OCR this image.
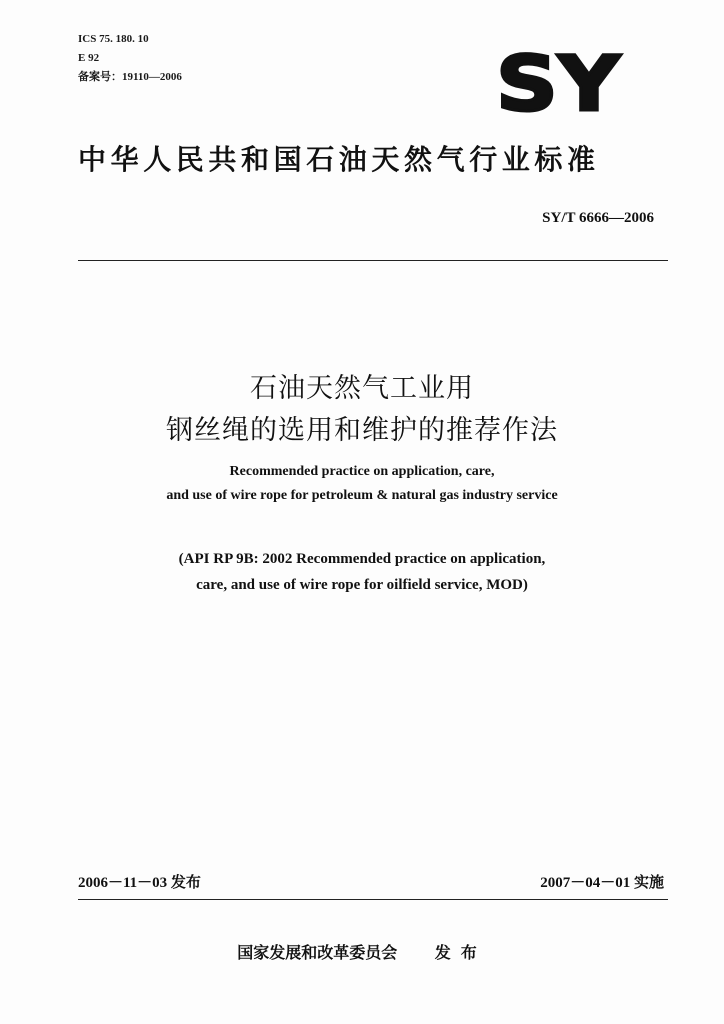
ICS 75. 180. 10
E 92
备案号：19110—2006	SY
中华人民共和国石油天然气行业标准
SY/T 6666—2006
石油天然气工业用
钢丝绳的选用和维护的推荐作法
Recommended practice on application, care,
and use of wire rope for petroleum & natural gas industry service
(API RP 9B: 2002 Recommended practice on application,
care, and use of wire rope for oilfield service, MOD)
2006－11－03 发布	2007－04－01 实施
国家发展和改革委员会 发布
